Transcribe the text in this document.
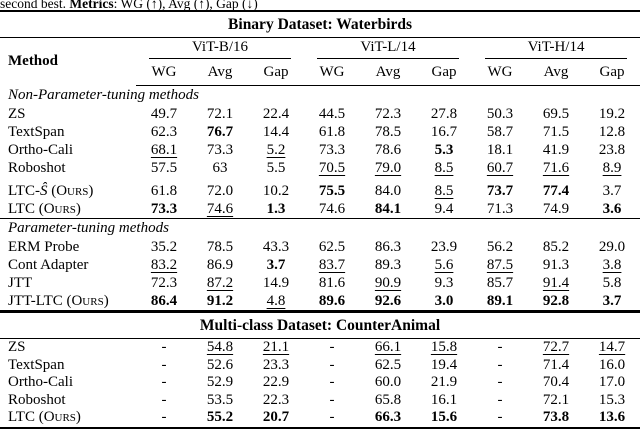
second best. Metrics: WG (↑), Avg (↑), Gap (↓)
Binary Dataset: Waterbirds									
Method	ViT-B/16			ViT-L/14			ViT-H/14		

	WG	Avg	Gap	WG	Avg	Gap	WG	Avg	Gap
Non-Parameter-tuning methods									
ZS	49.7	72.1	22.4	44.5	72.3	27.8	50.3	69.5	19.2
TextSpan	62.3	76.7	14.4	61.8	78.5	16.7	58.7	71.5	12.8
Ortho-Cali	68.1	73.3	5.2	73.3	78.6	5.3	18.1	41.9	23.8
Roboshot	57.5	63	5.5	70.5	79.0	8.5	60.7	71.6	8.9
LTC-Ŝ (Ours)	61.8	72.0	10.2	75.5	84.0	8.5	73.7	77.4	3.7
LTC (Ours)	73.3	74.6	1.3	74.6	84.1	9.4	71.3	74.9	3.6
Parameter-tuning methods									
ERM Probe	35.2	78.5	43.3	62.5	86.3	23.9	56.2	85.2	29.0
Cont Adapter	83.2	86.9	3.7	83.7	89.3	5.6	87.5	91.3	3.8
JTT	72.3	87.2	14.9	81.6	90.9	9.3	85.7	91.4	5.8
JTT-LTC (Ours)	86.4	91.2	4.8	89.6	92.6	3.0	89.1	92.8	3.7
Multi-class Dataset: CounterAnimal									
ZS	-	54.8	21.1	-	66.1	15.8	-	72.7	14.7
TextSpan	-	52.6	23.3	-	62.5	19.4	-	71.4	16.0
Ortho-Cali	-	52.9	22.9	-	60.0	21.9	-	70.4	17.0
Roboshot	-	53.5	22.3	-	65.8	16.1	-	72.1	15.3
LTC (Ours)	-	55.2	20.7	-	66.3	15.6	-	73.8	13.6
